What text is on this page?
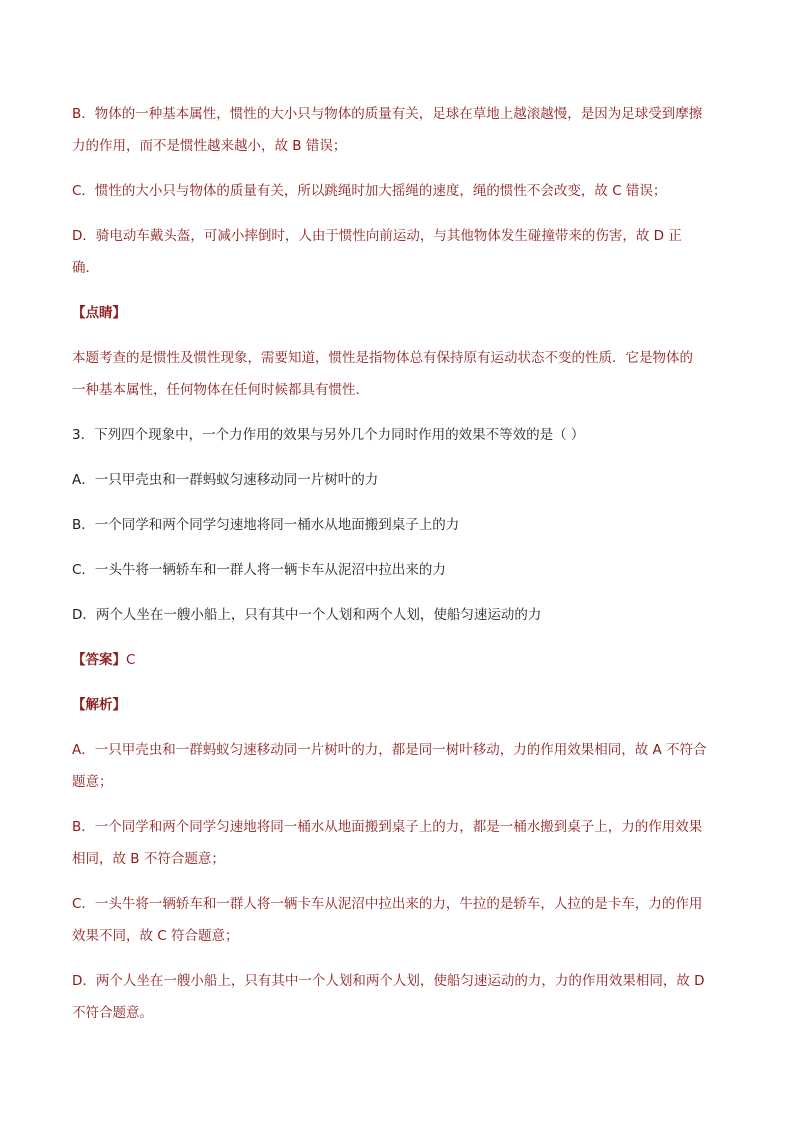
B．物体的一种基本属性，惯性的大小只与物体的质量有关，足球在草地上越滚越慢，是因为足球受到摩擦
力的作用，而不是惯性越来越小，故 B 错误；
C．惯性的大小只与物体的质量有关，所以跳绳时加大摇绳的速度，绳的惯性不会改变，故 C 错误；
D．骑电动车戴头盔，可减小摔倒时，人由于惯性向前运动，与其他物体发生碰撞带来的伤害，故 D 正
确．
【点睛】
本题考查的是惯性及惯性现象，需要知道，惯性是指物体总有保持原有运动状态不变的性质．它是物体的
一种基本属性，任何物体在任何时候都具有惯性．
3．下列四个现象中，一个力作用的效果与另外几个力同时作用的效果不等效的是（ ）
A．一只甲壳虫和一群蚂蚁匀速移动同一片树叶的力
B．一个同学和两个同学匀速地将同一桶水从地面搬到桌子上的力
C．一头牛将一辆轿车和一群人将一辆卡车从泥沼中拉出来的力
D．两个人坐在一艘小船上，只有其中一个人划和两个人划，使船匀速运动的力
【答案】C
【解析】
A．一只甲壳虫和一群蚂蚁匀速移动同一片树叶的力，都是同一树叶移动，力的作用效果相同，故 A 不符合
题意；
B．一个同学和两个同学匀速地将同一桶水从地面搬到桌子上的力，都是一桶水搬到桌子上，力的作用效果
相同，故 B 不符合题意；
C．一头牛将一辆轿车和一群人将一辆卡车从泥沼中拉出来的力，牛拉的是轿车，人拉的是卡车，力的作用
效果不同，故 C 符合题意；
D．两个人坐在一艘小船上，只有其中一个人划和两个人划，使船匀速运动的力，力的作用效果相同，故 D
不符合题意。
